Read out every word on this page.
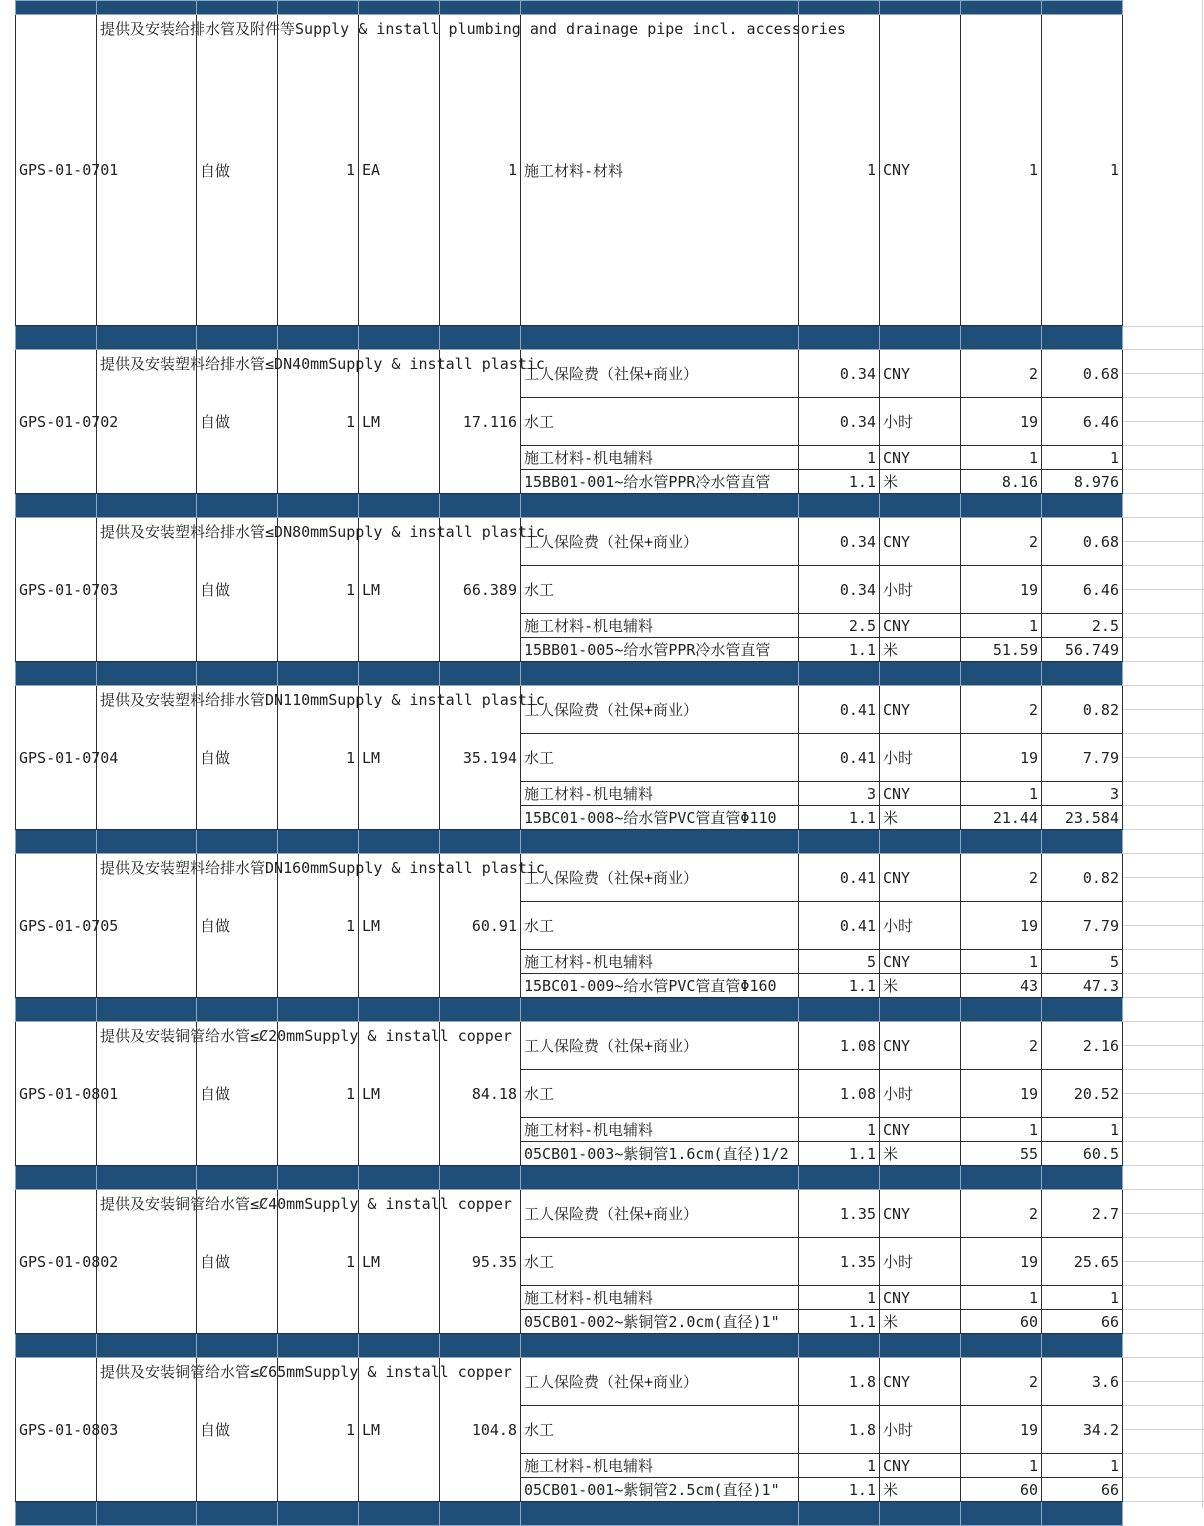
GPS-01-0701	提供及安装给排水管及附件等Supply & install plumbing and drainage pipe incl. accessories	自做	1	EA	1	施工材料-材料	1	CNY	1	1

GPS-01-0702	提供及安装塑料给排水管≤DN40mmSupply & install plastic	自做	1	LM	17.116	工人保险费（社保+商业）	0.34	CNY	2	0.68
						水工	0.34	小时	19	6.46
						施工材料-机电辅料	1	CNY	1	1
						15BB01-001~给水管PPR冷水管直管	1.1	米	8.16	8.976

GPS-01-0703	提供及安装塑料给排水管≤DN80mmSupply & install plastic	自做	1	LM	66.389	工人保险费（社保+商业）	0.34	CNY	2	0.68
						水工	0.34	小时	19	6.46
						施工材料-机电辅料	2.5	CNY	1	2.5
						15BB01-005~给水管PPR冷水管直管	1.1	米	51.59	56.749

GPS-01-0704	提供及安装塑料给排水管DN110mmSupply & install plastic	自做	1	LM	35.194	工人保险费（社保+商业）	0.41	CNY	2	0.82
						水工	0.41	小时	19	7.79
						施工材料-机电辅料	3	CNY	1	3
						15BC01-008~给水管PVC管直管Φ110	1.1	米	21.44	23.584

GPS-01-0705	提供及安装塑料给排水管DN160mmSupply & install plastic	自做	1	LM	60.91	工人保险费（社保+商业）	0.41	CNY	2	0.82
						水工	0.41	小时	19	7.79
						施工材料-机电辅料	5	CNY	1	5
						15BC01-009~给水管PVC管直管Φ160	1.1	米	43	47.3

GPS-01-0801	提供及安装铜管给水管≤Ȼ20mmSupply & install copper	自做	1	LM	84.18	工人保险费（社保+商业）	1.08	CNY	2	2.16
						水工	1.08	小时	19	20.52
						施工材料-机电辅料	1	CNY	1	1
						05CB01-003~紫铜管1.6cm(直径)1/2	1.1	米	55	60.5

GPS-01-0802	提供及安装铜管给水管≤Ȼ40mmSupply & install copper	自做	1	LM	95.35	工人保险费（社保+商业）	1.35	CNY	2	2.7
						水工	1.35	小时	19	25.65
						施工材料-机电辅料	1	CNY	1	1
						05CB01-002~紫铜管2.0cm(直径)1"	1.1	米	60	66

GPS-01-0803	提供及安装铜管给水管≤Ȼ65mmSupply & install copper	自做	1	LM	104.8	工人保险费（社保+商业）	1.8	CNY	2	3.6
						水工	1.8	小时	19	34.2
						施工材料-机电辅料	1	CNY	1	1
						05CB01-001~紫铜管2.5cm(直径)1"	1.1	米	60	66
